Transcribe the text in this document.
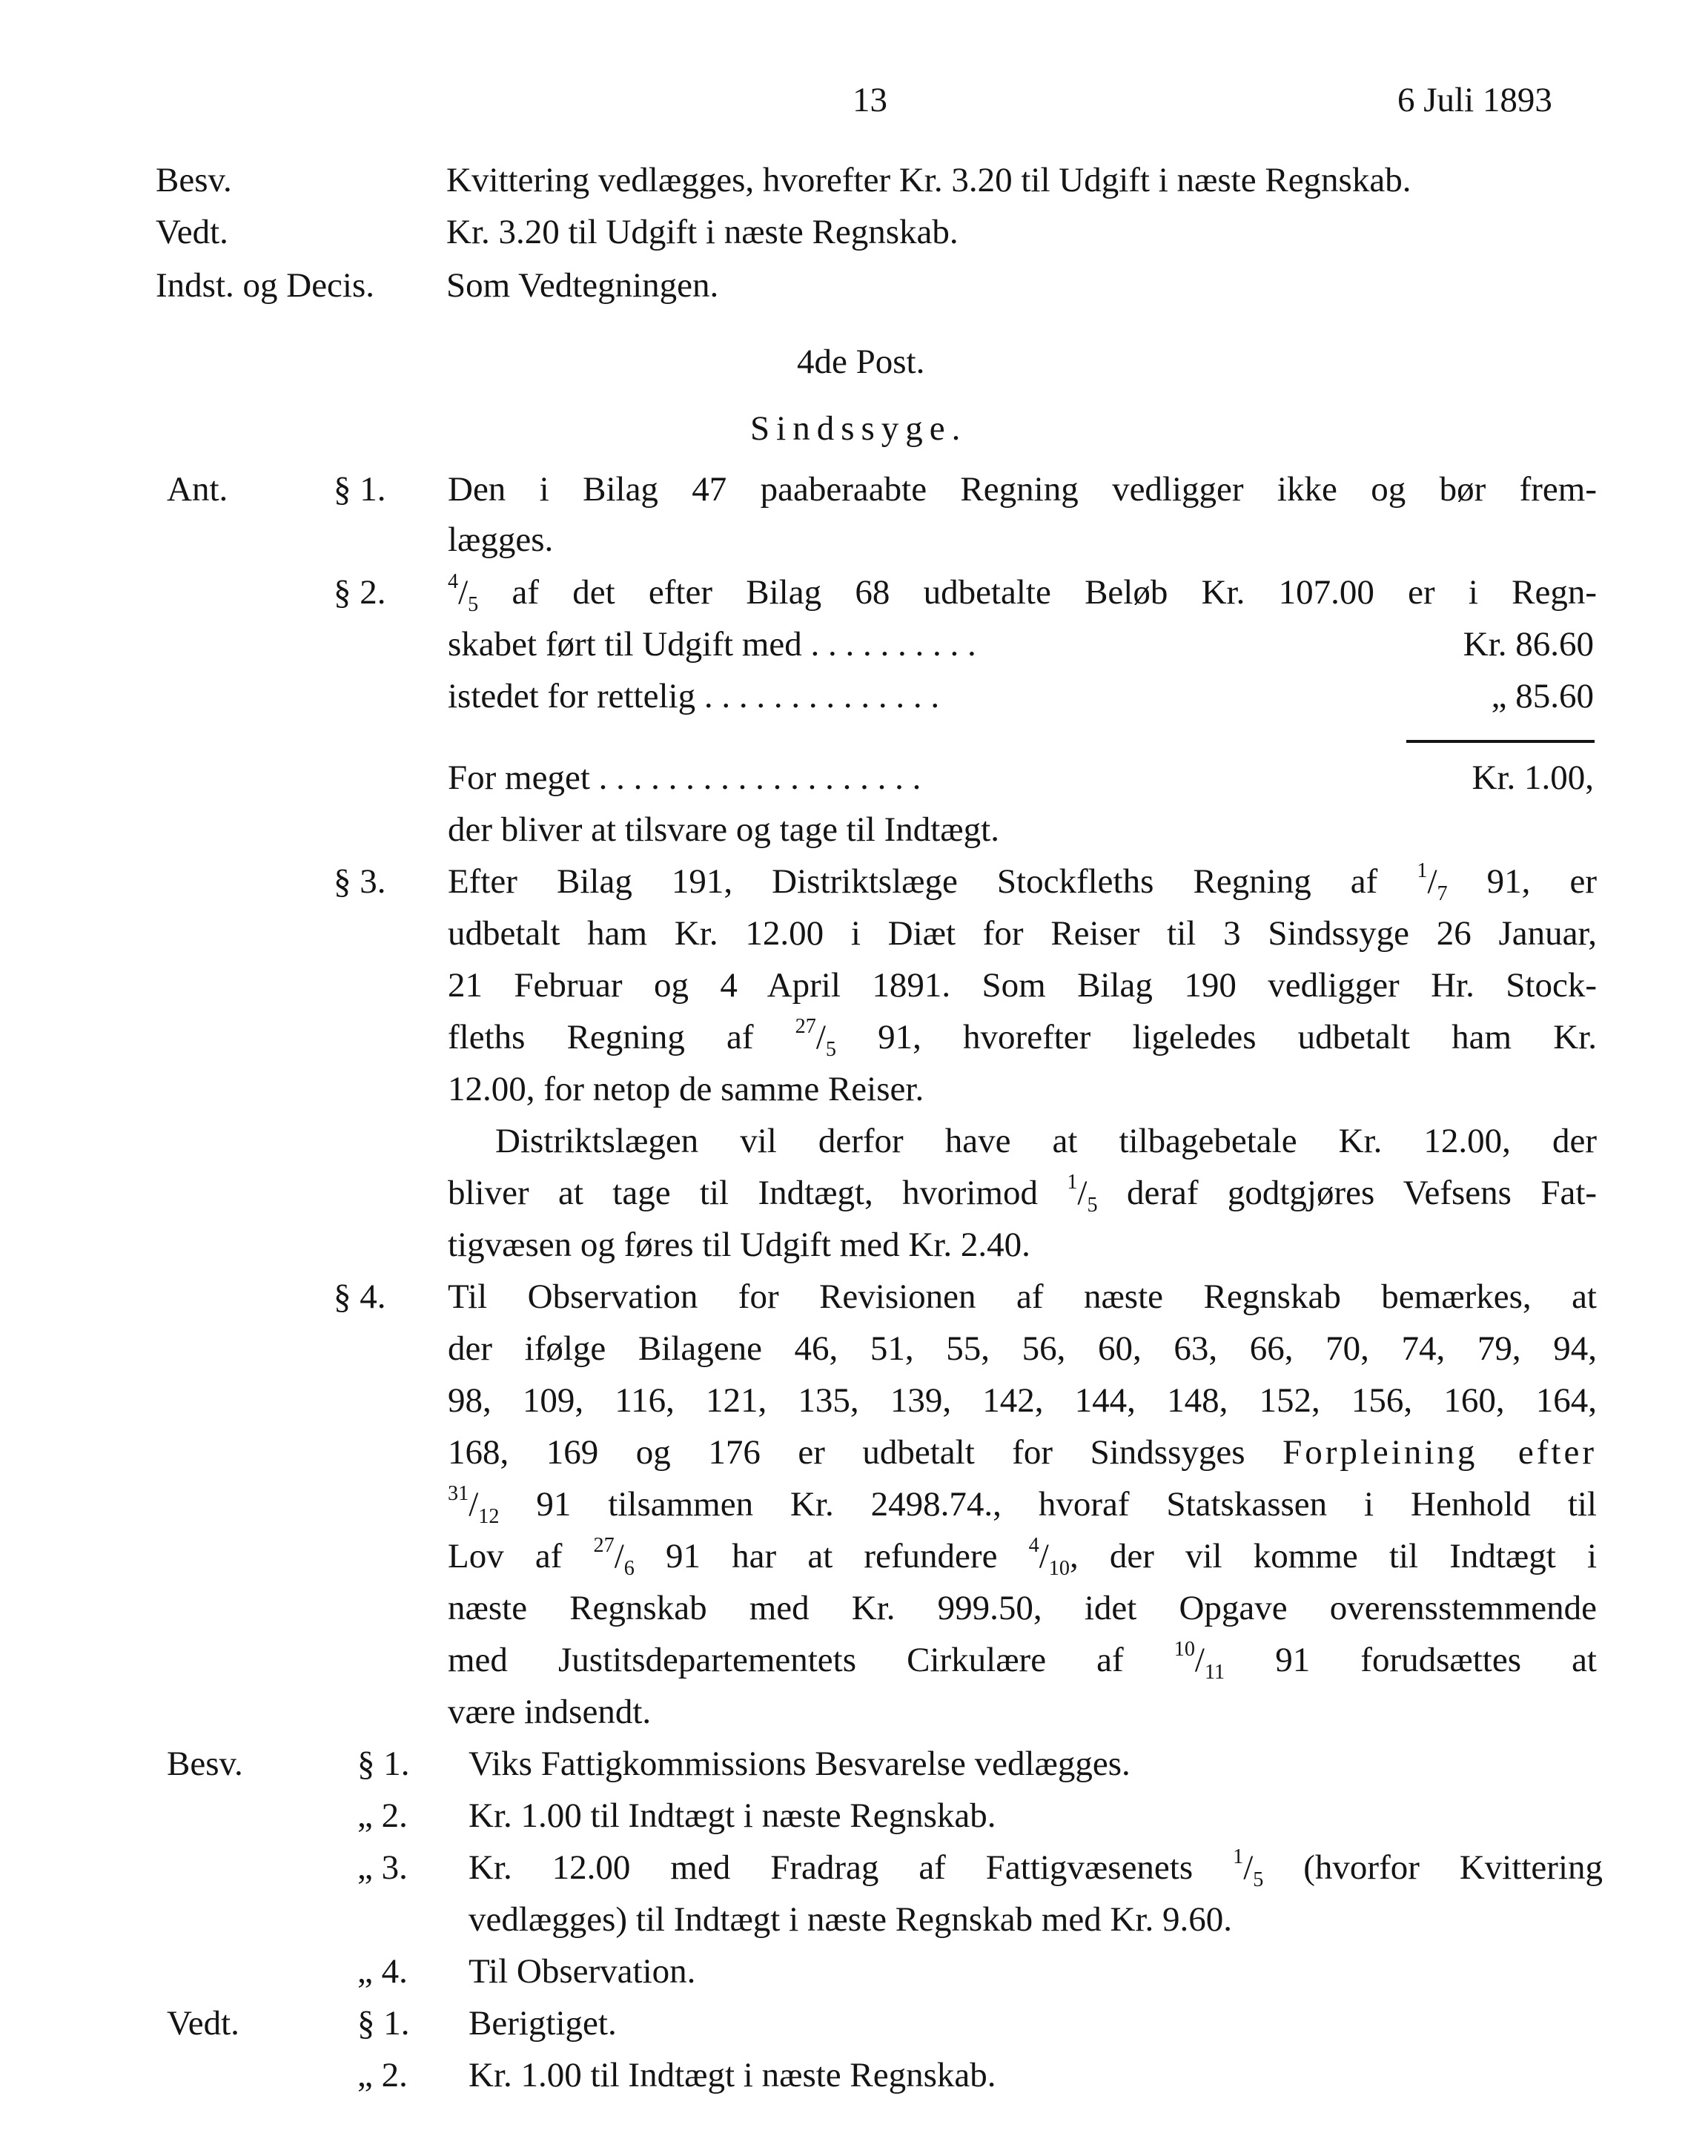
13	6 Juli 1893
Besv.	Kvittering vedlægges, hvorefter Kr. 3.20 til Udgift i næste Regnskab.
Vedt.	Kr. 3.20 til Udgift i næste Regnskab.
Indst. og Decis. Som Vedtegningen.
4de Post.
Sindssyge.
Ant.	§ 1. Den i Bilag 47 paaberaabte Regning vedligger ikke og bør frem-
lægges.
§ 2.	$^4/_5$ af det efter Bilag 68 udbetalte Beløb Kr. 107.00 er i Regn-
skabet ført til Udgift med . . . . . . . . . .	Kr. 86.60
istedet for rettelig . . . . . . . . . . . . . .	„ 85.60
For meget . . . . . . . . . . . . . . . . . . .	Kr. 1.00,
der bliver at tilsvare og tage til Indtægt.
§ 3. Efter Bilag 191, Distriktslæge Stockfleths Regning af $^1/_7$ 91, er
udbetalt ham Kr. 12.00 i Diæt for Reiser til 3 Sindssyge 26 Januar,
21 Februar og 4 April 1891. Som Bilag 190 vedligger Hr. Stock-
fleths Regning af $^{27}/_5$ 91, hvorefter ligeledes udbetalt ham Kr.
12.00, for netop de samme Reiser.
Distriktslægen vil derfor have at tilbagebetale Kr. 12.00, der
bliver at tage til Indtægt, hvorimod $^1/_5$ deraf godtgjøres Vefsens Fat-
tigvæsen og føres til Udgift med Kr. 2.40.
§ 4. Til Observation for Revisionen af næste Regnskab bemærkes, at
der ifølge Bilagene 46, 51, 55, 56, 60, 63, 66, 70, 74, 79, 94,
98, 109, 116, 121, 135, 139, 142, 144, 148, 152, 156, 160, 164,
168, 169 og 176 er udbetalt for Sindssyges Forpleining efter
$^{31}/_{12}$ 91 tilsammen Kr. 2498.74., hvoraf Statskassen i Henhold til
Lov af $^{27}/_6$ 91 har at refundere $^4/_{10}$, der vil komme til Indtægt i
næste Regnskab med Kr. 999.50, idet Opgave overensstemmende
med Justitsdepartementets Cirkulære af $^{10}/_{11}$ 91 forudsættes at
være indsendt.
Besv.	§ 1. Viks Fattigkommissions Besvarelse vedlægges.
„ 2. Kr. 1.00 til Indtægt i næste Regnskab.
„ 3. Kr. 12.00 med Fradrag af Fattigvæsenets $^1/_5$ (hvorfor Kvittering
vedlægges) til Indtægt i næste Regnskab med Kr. 9.60.
„ 4. Til Observation.
Vedt.	§ 1. Berigtiget.
„ 2. Kr. 1.00 til Indtægt i næste Regnskab.
